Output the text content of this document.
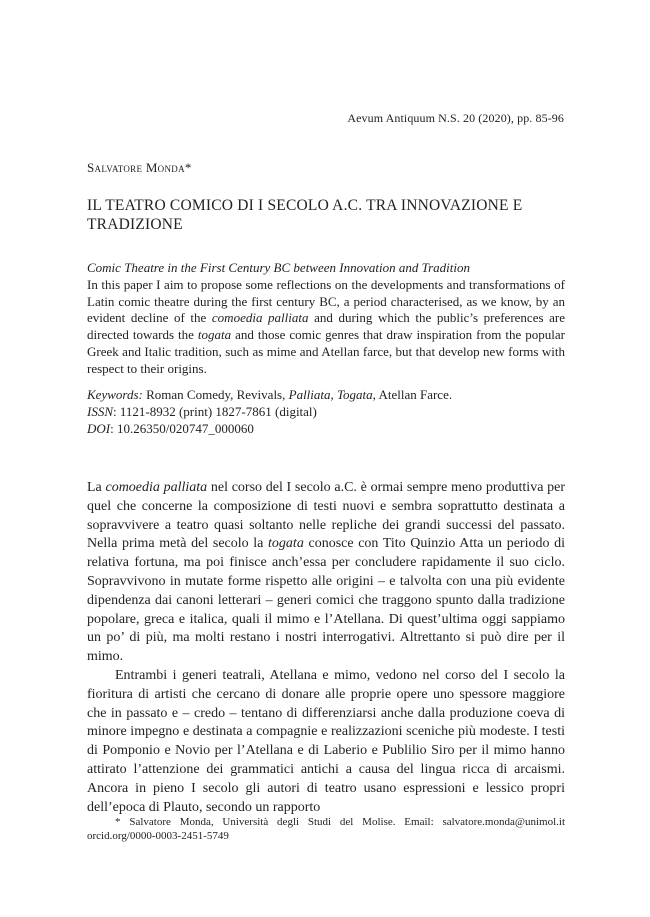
Aevum Antiquum N.S. 20 (2020), pp. 85-96
Salvatore Monda*
IL TEATRO COMICO DI I SECOLO A.C. TRA INNOVAZIONE E TRADIZIONE
Comic Theatre in the First Century BC between Innovation and Tradition
In this paper I aim to propose some reflections on the developments and transformations of Latin comic theatre during the first century BC, a period characterised, as we know, by an evident decline of the comoedia palliata and during which the public’s preferences are directed towards the togata and those comic genres that draw inspiration from the popular Greek and Italic tradition, such as mime and Atellan farce, but that develop new forms with respect to their origins.
Keywords: Roman Comedy, Revivals, Palliata, Togata, Atellan Farce.
ISSN: 1121-8932 (print) 1827-7861 (digital)
DOI: 10.26350/020747_000060

La comoedia palliata nel corso del I secolo a.C. è ormai sempre meno produttiva per quel che concerne la composizione di testi nuovi e sembra soprattutto destinata a sopravvivere a teatro quasi soltanto nelle repliche dei grandi successi del passato. Nella prima metà del secolo la togata conosce con Tito Quinzio Atta un periodo di relativa fortuna, ma poi finisce anch’essa per concludere rapidamente il suo ciclo. Sopravvivono in mutate forme rispetto alle origini – e talvolta con una più evidente dipendenza dai canoni letterari – generi comici che traggono spunto dalla tradizione popolare, greca e italica, quali il mimo e l’Atellana. Di quest’ultima oggi sappiamo un po’ di più, ma molti restano i nostri interrogativi. Altrettanto si può dire per il mimo.

Entrambi i generi teatrali, Atellana e mimo, vedono nel corso del I secolo la fioritura di artisti che cercano di donare alle proprie opere uno spessore maggiore che in passato e – credo – tentano di differenziarsi anche dalla produzione coeva di minore impegno e destinata a compagnie e realizzazioni sceniche più modeste. I testi di Pomponio e Novio per l’Atellana e di Laberio e Publilio Siro per il mimo hanno attirato l’attenzione dei grammatici antichi a causa del lingua ricca di arcaismi. Ancora in pieno I secolo gli autori di teatro usano espressioni e lessico propri dell’epoca di Plauto, secondo un rapporto

* Salvatore Monda, Università degli Studi del Molise. Email: salvatore.monda@unimol.it orcid.org/0000-0003-2451-5749
